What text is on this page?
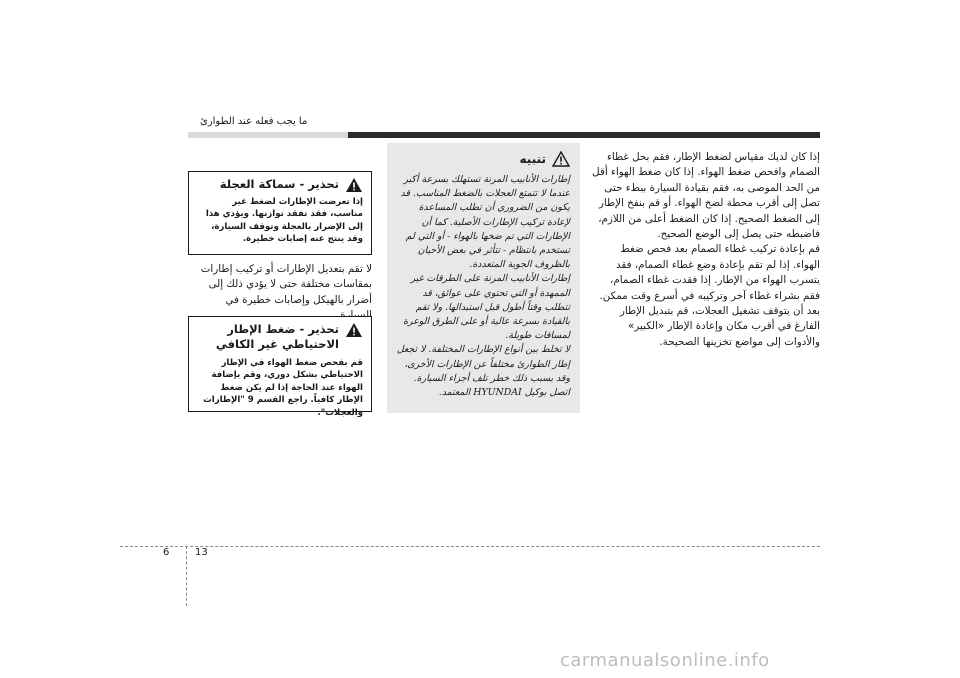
ما يجب فعله عند الطوارئ

إذا كان لديك مقياس لضغط الإطار، فقم بحل غطاء الصمام وافحص ضغط الهواء. إذا كان ضغط الهواء أقل من الحد الموصى به، فقم بقيادة السيارة ببطء حتى تصل إلى أقرب محطة لضخ الهواء. أو قم بنفخ الإطار إلى الضغط الصحيح. إذا كان الضغط أعلى من اللازم، فاضبطه حتى يصل إلى الوضع الصحيح.

قم بإعادة تركيب غطاء الصمام بعد فحص ضغط الهواء. إذا لم تقم بإعادة وضع غطاء الصمام، فقد يتسرب الهواء من الإطار. إذا فقدت غطاء الصمام، فقم بشراء غطاء آخر وتركيبه في أسرع وقت ممكن.

بعد أن يتوقف تشغيل العجلات، قم بتبديل الإطار الفارغ في أقرب مكان وإعادة الإطار «الكبير» والأدوات إلى مواضع تخزينها الصحيحة.

تنبيه

إطارات الأنابيب المرنة تستهلك بسرعة أكبر عندما لا تتمتع العجلات بالضغط المناسب. قد يكون من الضروري أن تطلب المساعدة لإعادة تركيب الإطارات الأصلية. كما أن الإطارات التي تم ضخها بالهواء - أو التي لم تستخدم بانتظام - تتأثر في بعض الأحيان بالظروف الجوية المتعددة.

إطارات الأنابيب المرنة على الطرقات غير الممهدة أو التي تحتوي على عوائق، قد تتطلب وقتاً أطول قبل استبدالها. ولا تقم بالقيادة بسرعة عالية أو على الطرق الوعرة لمسافات طويلة.

لا تخلط بين أنواع الإطارات المختلفة. لا تجعل إطار الطوارئ مختلفاً عن الإطارات الأخرى، وقد يسبب ذلك خطر تلف أجزاء السيارة. اتصل بوكيل HYUNDAI المعتمد.

تحذير - سماكة العجلة
إذا تعرضت الإطارات لضغط غير مناسب، فقد تفقد توازنها. ويؤدي هذا إلى الإضرار بالعجلة وتوقف السيارة، وقد ينتج عنه إصابات خطيرة.
لا تقم بتعديل الإطارات أو تركيب إطارات بمقاسات مختلفة حتى لا يؤدي ذلك إلى أضرار بالهيكل وإصابات خطيرة في
تحذير - ضغط الإطار الاحتياطي غير الكافي
قم بفحص ضغط الهواء في الإطار الاحتياطي بشكل دوري، وقم بإضافة الهواء عند الحاجة إذا لم يكن ضغط الإطار كافياً. راجع القسم 9 "الإطارات والعجلات".
6	13
carmanualsonline.info
